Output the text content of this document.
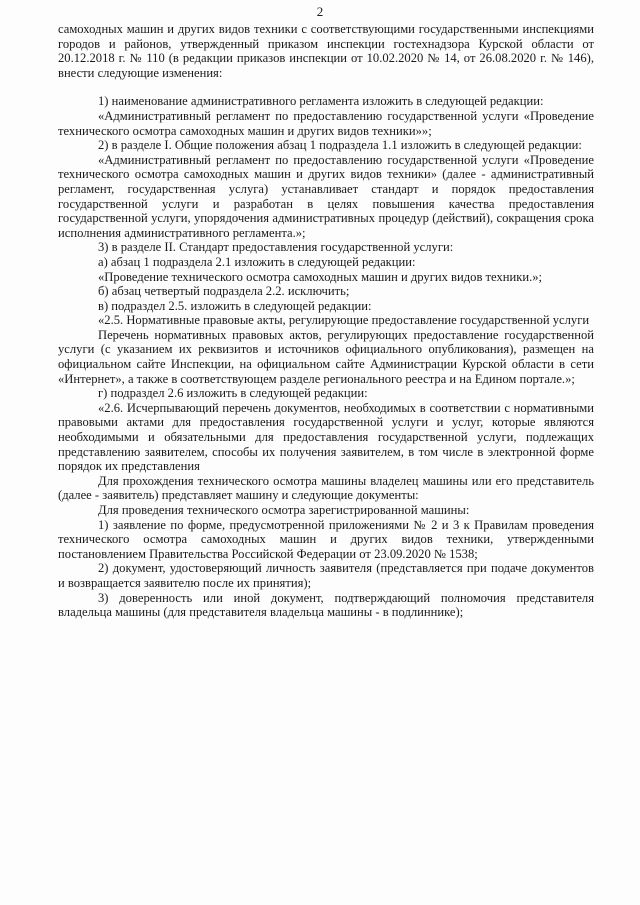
2

самоходных машин и других видов техники с соответствующими государственными инспекциями городов и районов, утвержденный приказом инспекции гостехнадзора Курской области от 20.12.2018 г. № 110 (в редакции приказов инспекции от 10.02.2020 № 14, от 26.08.2020 г. № 146), внести следующие изменения:

1) наименование административного регламента изложить в следующей редакции:

«Административный регламент по предоставлению государственной услуги «Проведение технического осмотра самоходных машин и других видов техники»»;

2) в разделе I. Общие положения абзац 1 подраздела 1.1 изложить в следующей редакции:

«Административный регламент по предоставлению государственной услуги «Проведение технического осмотра самоходных машин и других видов техники» (далее - административный регламент, государственная услуга) устанавливает стандарт и порядок предоставления государственной услуги и разработан в целях повышения качества предоставления государственной услуги, упорядочения административных процедур (действий), сокращения срока исполнения административного регламента.»;

3) в разделе II. Стандарт предоставления государственной услуги:

а) абзац 1 подраздела 2.1 изложить в следующей редакции:

«Проведение технического осмотра самоходных машин и других видов техники.»;

б) абзац четвертый подраздела 2.2. исключить;

в) подраздел 2.5. изложить в следующей редакции:

«2.5. Нормативные правовые акты, регулирующие предоставление государственной услуги

Перечень нормативных правовых актов, регулирующих предоставление государственной услуги (с указанием их реквизитов и источников официального опубликования), размещен на официальном сайте Инспекции, на официальном сайте Администрации Курской области в сети «Интернет», а также в соответствующем разделе регионального реестра и на Едином портале.»;

г) подраздел 2.6 изложить в следующей редакции:

«2.6. Исчерпывающий перечень документов, необходимых в соответствии с нормативными правовыми актами для предоставления государственной услуги и услуг, которые являются необходимыми и обязательными для предоставления государственной услуги, подлежащих представлению заявителем, способы их получения заявителем, в том числе в электронной форме порядок их представления

Для прохождения технического осмотра машины владелец машины или его представитель (далее - заявитель) представляет машину и следующие документы:

Для проведения технического осмотра зарегистрированной машины:

1) заявление по форме, предусмотренной приложениями № 2 и 3 к Правилам проведения технического осмотра самоходных машин и других видов техники, утвержденными постановлением Правительства Российской Федерации от 23.09.2020 № 1538;

2) документ, удостоверяющий личность заявителя (представляется при подаче документов и возвращается заявителю после их принятия);

3) доверенность или иной документ, подтверждающий полномочия представителя владельца машины (для представителя владельца машины - в подлиннике);
